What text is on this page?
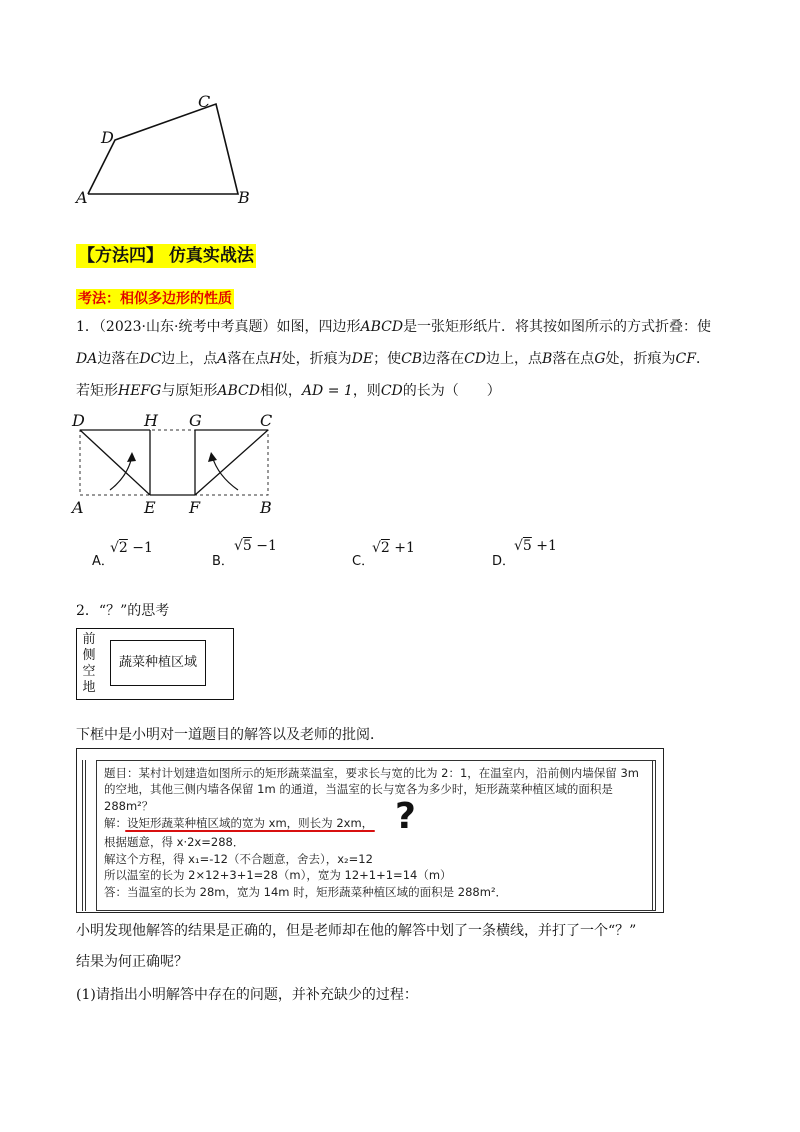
C
D
A	B
【方法四】 仿真实战法
考法：相似多边形的性质
1．（2023·山东·统考中考真题）如图，四边形ABCD是一张矩形纸片．将其按如图所示的方式折叠：使
DA边落在DC边上，点A落在点H处，折痕为DE；使CB边落在CD边上，点B落在点G处，折痕为CF．
若矩形HEFG与原矩形ABCD相似，AD = 1，则CD的长为（　　）
D	H G	C
A	E F	B
A．
√2 −1
B．
√5 −1
C．
√2 +1
D．
√5 +1
2．“？”的思考
前
侧
空
地
蔬菜种植区域
下框中是小明对一道题目的解答以及老师的批阅．
题目：某村计划建造如图所示的矩形蔬菜温室，要求长与宽的比为 2：1，在温室内，沿前侧内墙保留 3m
的空地，其他三侧内墙各保留 1m 的通道，当温室的长与宽各为多少时，矩形蔬菜种植区域的面积是
288m²？
解：设矩形蔬菜种植区域的宽为 xm，则长为 2xm， ?
根据题意，得 x·2x=288．
解这个方程，得 x₁=-12（不合题意，舍去），x₂=12
所以温室的长为 2×12+3+1=28（m），宽为 12+1+1=14（m）
答：当温室的长为 28m，宽为 14m 时，矩形蔬菜种植区域的面积是 288m²．
小明发现他解答的结果是正确的，但是老师却在他的解答中划了一条横线，并打了一个“？”
结果为何正确呢？
(1)请指出小明解答中存在的问题，并补充缺少的过程：
